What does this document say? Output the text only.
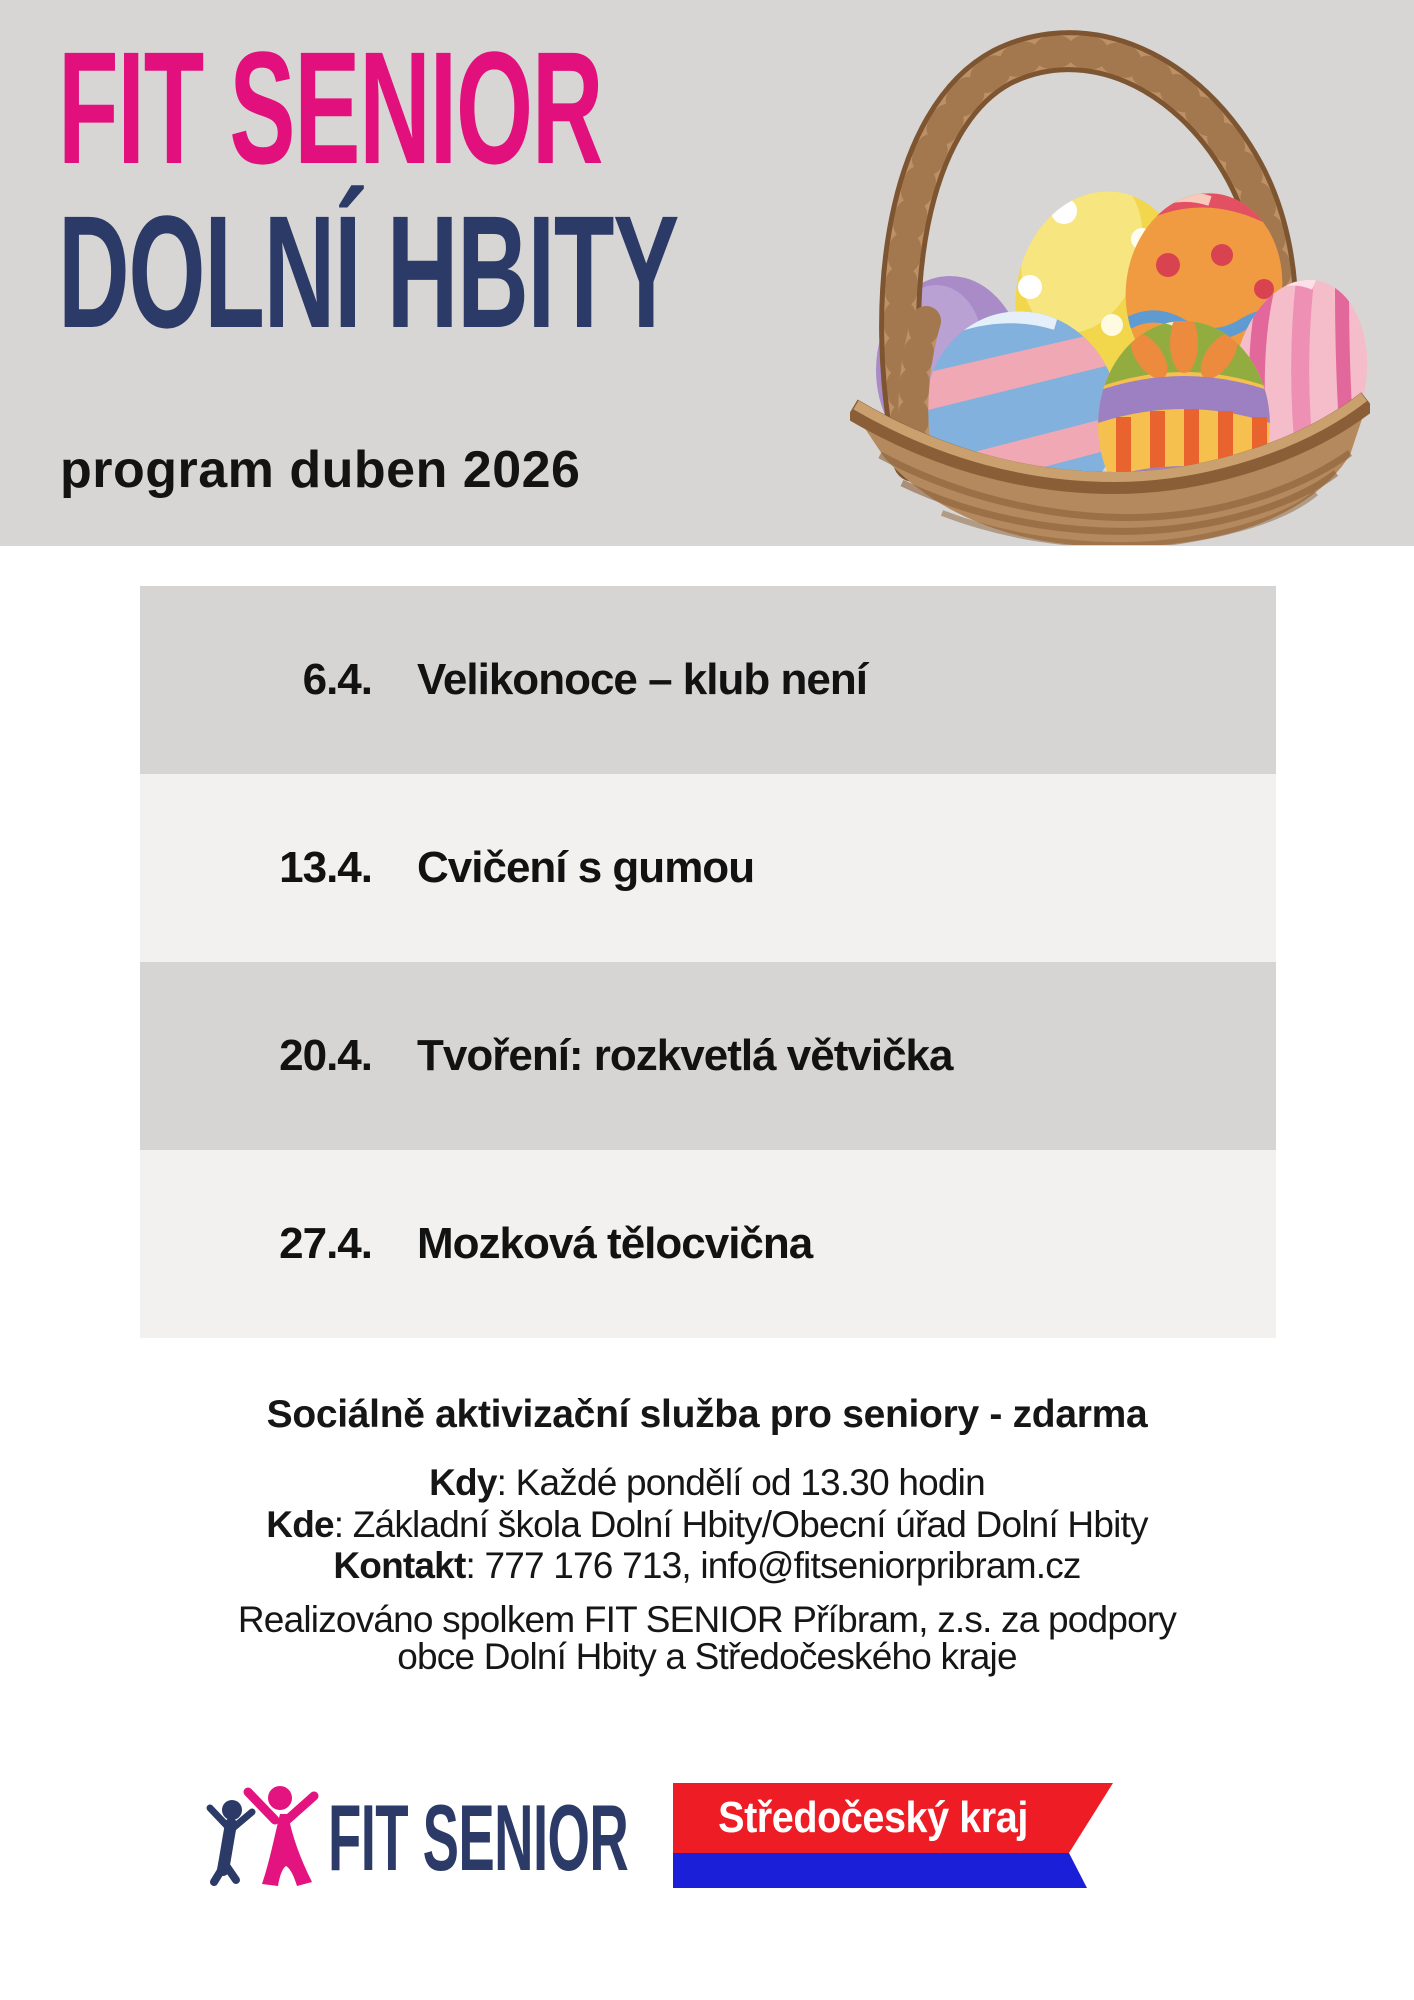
FIT SENIOR
DOLNÍ HBITY
program duben 2026
6.4. Velikonoce – klub není
13.4. Cvičení s gumou
20.4. Tvoření: rozkvetlá větvička
27.4. Mozková tělocvična
Sociálně aktivizační služba pro seniory - zdarma
Kdy: Každé pondělí od 13.30 hodin
Kde: Základní škola Dolní Hbity/Obecní úřad Dolní Hbity
Kontakt: 777 176 713, info@fitseniorpribram.cz
Realizováno spolkem FIT SENIOR Příbram, z.s. za podpory
obce Dolní Hbity a Středočeského kraje
FIT SENIOR	Středočeský kraj
